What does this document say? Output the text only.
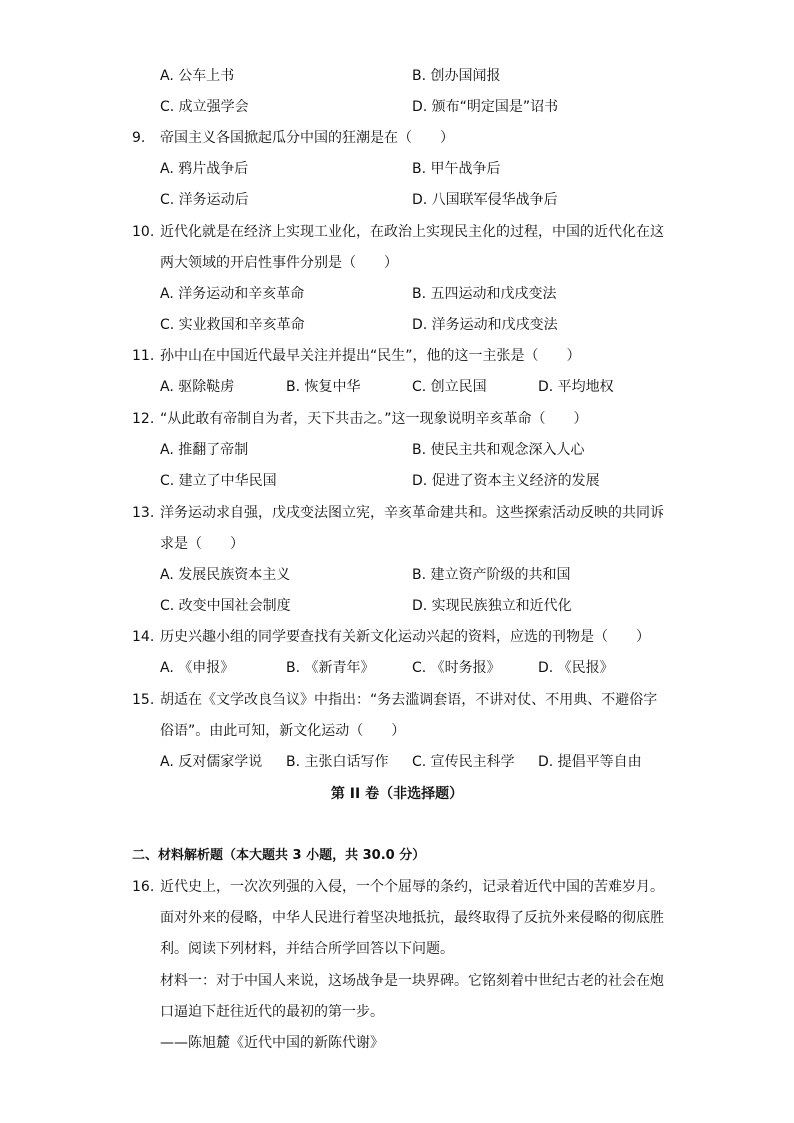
A. 公车上书	B. 创办国闻报
C. 成立强学会	D. 颁布“明定国是”诏书
9. 帝国主义各国掀起瓜分中国的狂潮是在（　　）
A. 鸦片战争后	B. 甲午战争后
C. 洋务运动后	D. 八国联军侵华战争后
10. 近代化就是在经济上实现工业化，在政治上实现民主化的过程，中国的近代化在这
两大领域的开启性事件分别是（　　）
A. 洋务运动和辛亥革命	B. 五四运动和戊戌变法
C. 实业救国和辛亥革命	D. 洋务运动和戊戌变法
11. 孙中山在中国近代最早关注并提出“民生”，他的这一主张是（　　）
A. 驱除鞑虏	B. 恢复中华	C. 创立民国	D. 平均地权
12. “从此敢有帝制自为者，天下共击之。”这一现象说明辛亥革命（　　）
A. 推翻了帝制	B. 使民主共和观念深入人心
C. 建立了中华民国	D. 促进了资本主义经济的发展
13. 洋务运动求自强，戊戌变法图立宪，辛亥革命建共和。这些探索活动反映的共同诉
求是（　　）
A. 发展民族资本主义	B. 建立资产阶级的共和国
C. 改变中国社会制度	D. 实现民族独立和近代化
14. 历史兴趣小组的同学要查找有关新文化运动兴起的资料，应选的刊物是（　　）
A. 《申报》	B. 《新青年》	C. 《时务报》	D. 《民报》
15. 胡适在《文学改良刍议》中指出：“务去滥调套语，不讲对仗、不用典、不避俗字
俗语”。由此可知，新文化运动（　　）
A. 反对儒家学说 B. 主张白话写作 C. 宣传民主科学 D. 提倡平等自由
第 II 卷（非选择题）
二、材料解析题（本大题共 3 小题，共 30.0 分）
16. 近代史上，一次次列强的入侵，一个个屈辱的条约，记录着近代中国的苦难岁月。
面对外来的侵略，中华人民进行着坚决地抵抗，最终取得了反抗外来侵略的彻底胜
利。阅读下列材料，并结合所学回答以下问题。
材料一：对于中国人来说，这场战争是一块界碑。它铭刻着中世纪古老的社会在炮
口逼迫下赶往近代的最初的第一步。
——陈旭麓《近代中国的新陈代谢》
